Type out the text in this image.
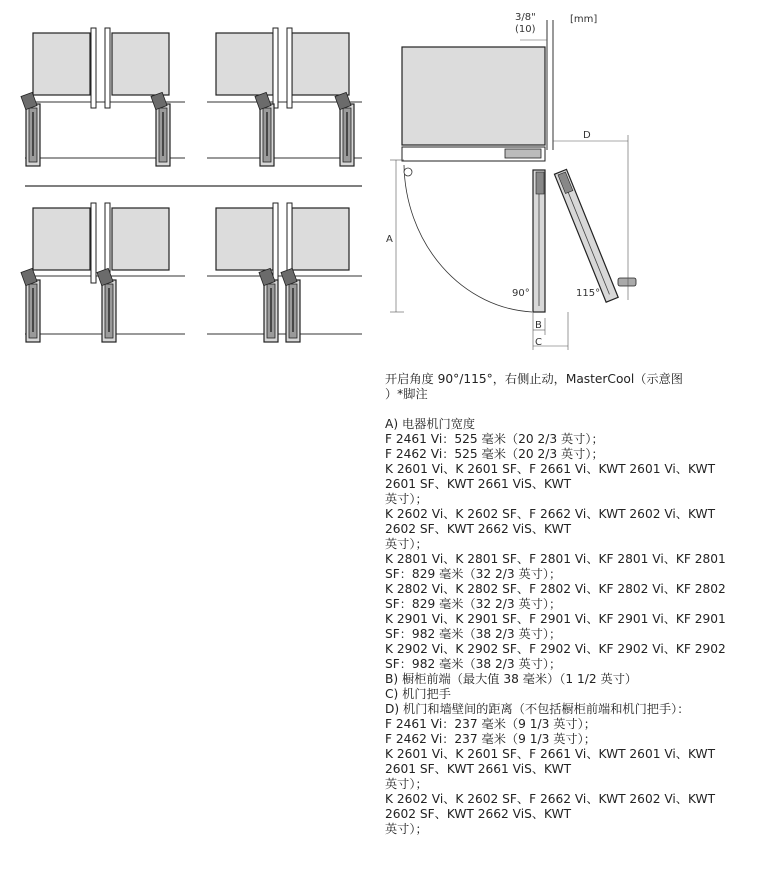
3/8"
(10)
[mm]
D
A
B
C
90°	115°
开启角度 90°/115°，右侧止动，MasterCool（示意图
）*脚注
A) 电器机门宽度
F 2461 Vi：525 毫米（20 2/3 英寸）；
F 2462 Vi：525 毫米（20 2/3 英寸）；
K 2601 Vi、K 2601 SF、F 2661 Vi、KWT 2601 Vi、KWT
2601 SF、KWT 2661 ViS、KWT
英寸）；
K 2602 Vi、K 2602 SF、F 2662 Vi、KWT 2602 Vi、KWT
2602 SF、KWT 2662 ViS、KWT
英寸）；
K 2801 Vi、K 2801 SF、F 2801 Vi、KF 2801 Vi、KF 2801
SF：829 毫米（32 2/3 英寸）；
K 2802 Vi、K 2802 SF、F 2802 Vi、KF 2802 Vi、KF 2802
SF：829 毫米（32 2/3 英寸）；
K 2901 Vi、K 2901 SF、F 2901 Vi、KF 2901 Vi、KF 2901
SF：982 毫米（38 2/3 英寸）；
K 2902 Vi、K 2902 SF、F 2902 Vi、KF 2902 Vi、KF 2902
SF：982 毫米（38 2/3 英寸）；
B) 橱柜前端（最大值 38 毫米）（1 1/2 英寸）
C) 机门把手
D) 机门和墙壁间的距离（不包括橱柜前端和机门把手）：
F 2461 Vi：237 毫米（9 1/3 英寸）；
F 2462 Vi：237 毫米（9 1/3 英寸）；
K 2601 Vi、K 2601 SF、F 2661 Vi、KWT 2601 Vi、KWT
2601 SF、KWT 2661 ViS、KWT
英寸）；
K 2602 Vi、K 2602 SF、F 2662 Vi、KWT 2602 Vi、KWT
2602 SF、KWT 2662 ViS、KWT
英寸）；
